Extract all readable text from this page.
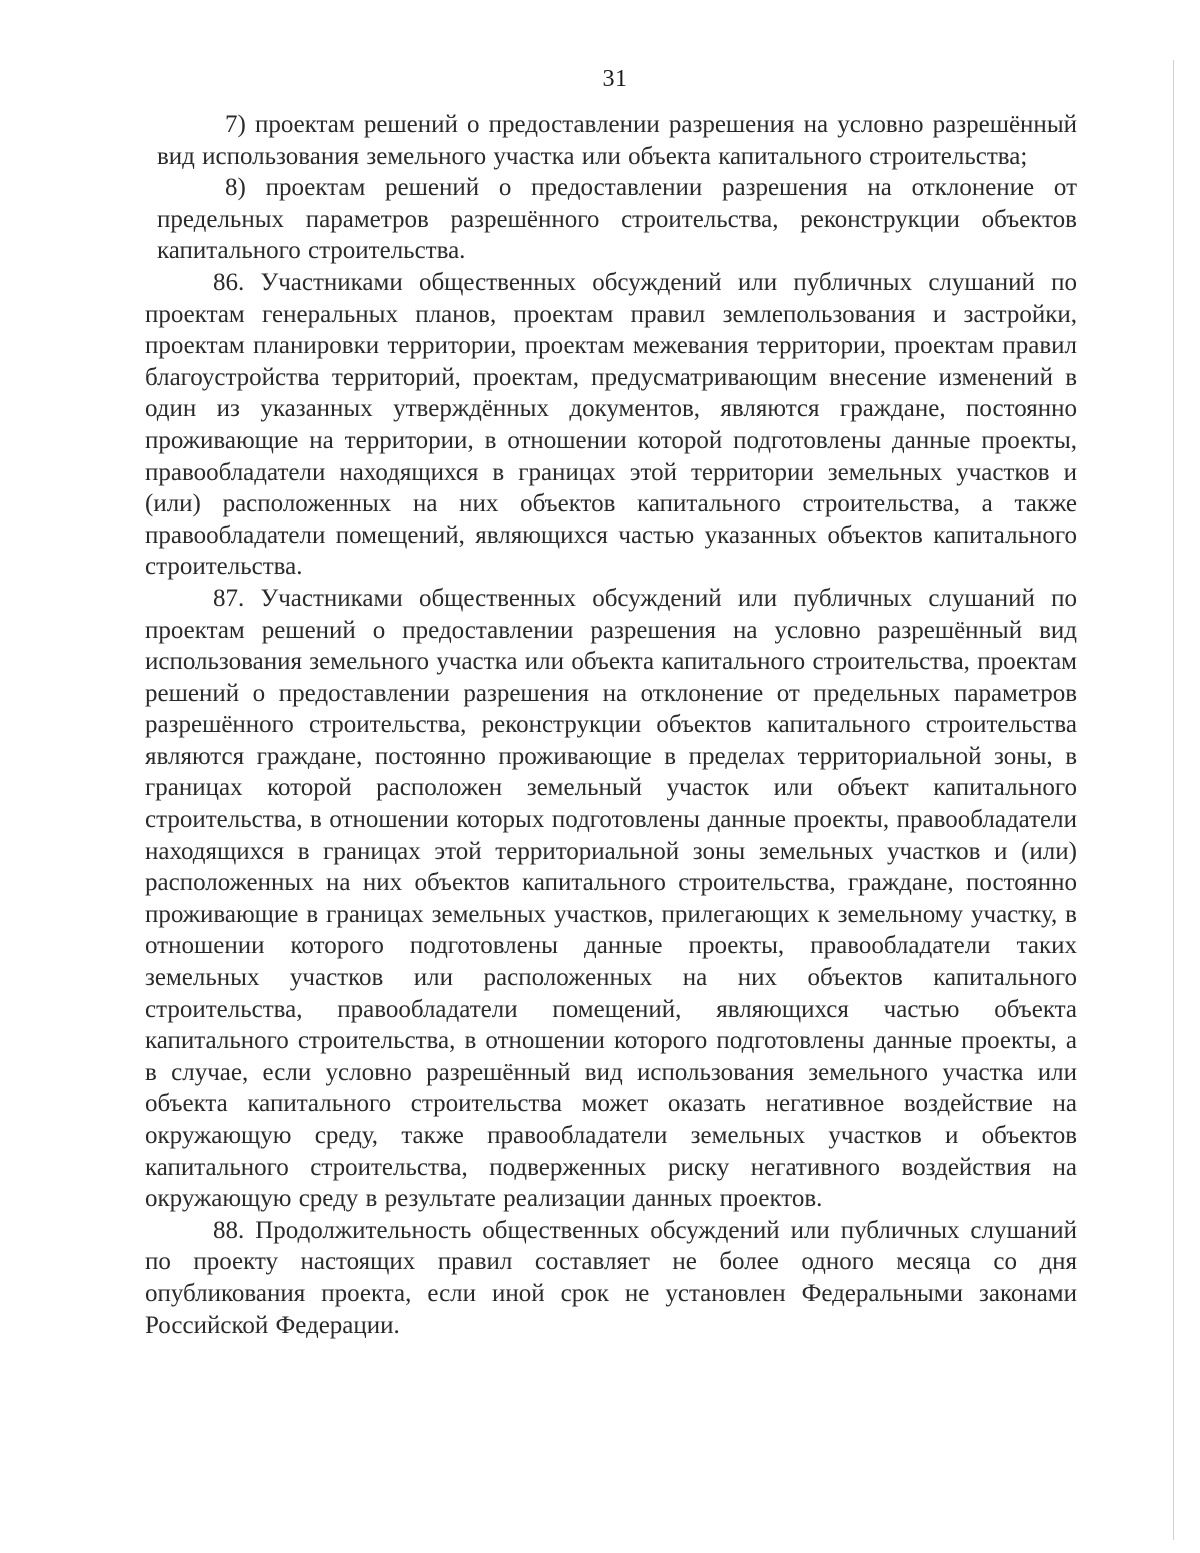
31

7) проектам решений о предоставлении разрешения на условно разрешённый вид использования земельного участка или объекта капитального строительства;

8) проектам решений о предоставлении разрешения на отклонение от предельных параметров разрешённого строительства, реконструкции объектов капитального строительства.

86. Участниками общественных обсуждений или публичных слушаний по проектам генеральных планов, проектам правил землепользования и застройки, проектам планировки территории, проектам межевания территории, проектам правил благоустройства территорий, проектам, предусматривающим внесение изменений в один из указанных утверждённых документов, являются граждане, постоянно проживающие на территории, в отношении которой подготовлены данные проекты, правообладатели находящихся в границах этой территории земельных участков и (или) расположенных на них объектов капитального строительства, а также правообладатели помещений, являющихся частью указанных объектов капитального строительства.

87. Участниками общественных обсуждений или публичных слушаний по проектам решений о предоставлении разрешения на условно разрешённый вид использования земельного участка или объекта капитального строительства, проектам решений о предоставлении разрешения на отклонение от предельных параметров разрешённого строительства, реконструкции объектов капитального строительства являются граждане, постоянно проживающие в пределах территориальной зоны, в границах которой расположен земельный участок или объект капитального строительства, в отношении которых подготовлены данные проекты, правообладатели находящихся в границах этой территориальной зоны земельных участков и (или) расположенных на них объектов капитального строительства, граждане, постоянно проживающие в границах земельных участков, прилегающих к земельному участку, в отношении которого подготовлены данные проекты, правообладатели таких земельных участков или расположенных на них объектов капитального строительства, правообладатели помещений, являющихся частью объекта капитального строительства, в отношении которого подготовлены данные проекты, а в случае, если условно разрешённый вид использования земельного участка или объекта капитального строительства может оказать негативное воздействие на окружающую среду, также правообладатели земельных участков и объектов капитального строительства, подверженных риску негативного воздействия на окружающую среду в результате реализации данных проектов.

88. Продолжительность общественных обсуждений или публичных слушаний по проекту настоящих правил составляет не более одного месяца со дня опубликования проекта, если иной срок не установлен Федеральными законами Российской Федерации.
